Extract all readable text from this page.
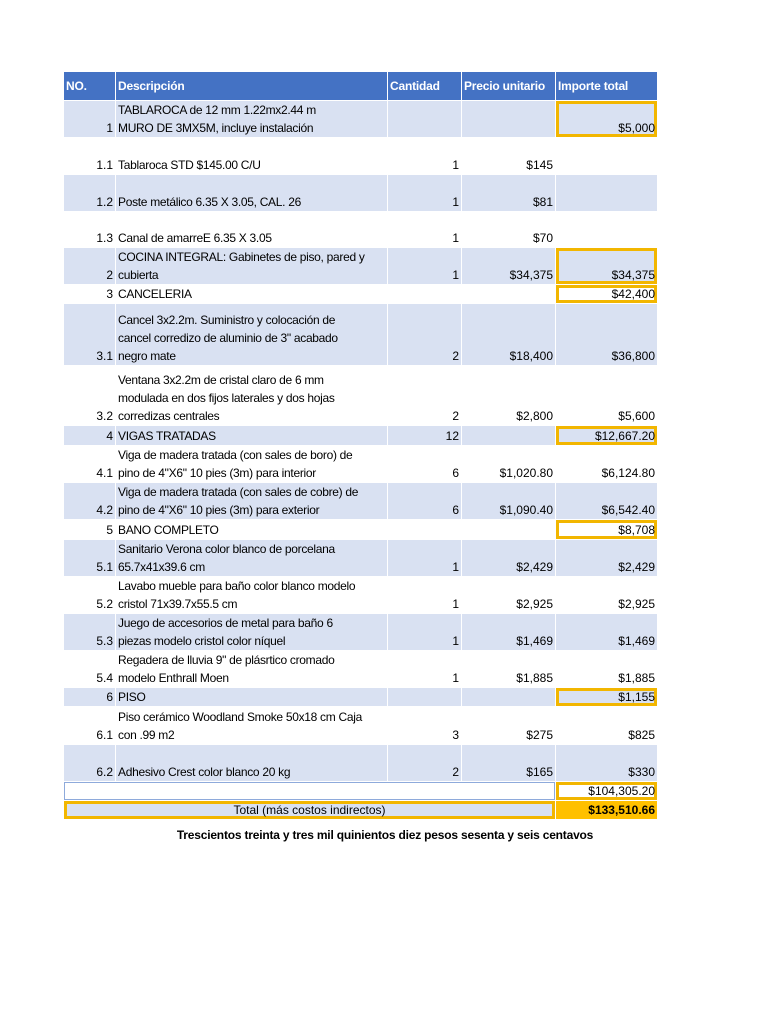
NO.	Descripción	Cantidad	Precio unitario	Importe total
1	TABLAROCA de 12 mm 1.22mx2.44 m
MURO DE 3MX5M, incluye instalación			$5,000
1.1	Tablaroca STD $145.00 C/U	1	$145	
1.2	Poste metálico 6.35 X 3.05, CAL. 26	1	$81	
1.3	Canal de amarreE 6.35 X 3.05	1	$70	
2	COCINA INTEGRAL: Gabinetes de piso, pared y
cubierta	1	$34,375	$34,375
3	CANCELERIA			$42,400
3.1	Cancel 3x2.2m. Suministro y colocación de
cancel corredizo de aluminio de 3" acabado
negro mate	2	$18,400	$36,800
3.2	Ventana 3x2.2m de cristal claro de 6 mm
modulada en dos fijos laterales y dos hojas
corredizas centrales	2	$2,800	$5,600
4	VIGAS TRATADAS	12		$12,667.20
4.1	Viga de madera tratada (con sales de boro) de
pino de 4"X6" 10 pies (3m) para interior	6	$1,020.80	$6,124.80
4.2	Viga de madera tratada (con sales de cobre) de
pino de 4"X6" 10 pies (3m) para exterior	6	$1,090.40	$6,542.40
5	BANO COMPLETO			$8,708
5.1	Sanitario Verona color blanco de porcelana
65.7x41x39.6 cm	1	$2,429	$2,429
5.2	Lavabo mueble para baño color blanco modelo
cristol 71x39.7x55.5 cm	1	$2,925	$2,925
5.3	Juego de accesorios de metal para baño 6
piezas modelo cristol color níquel	1	$1,469	$1,469
5.4	Regadera de lluvia 9" de plásrtico cromado
modelo Enthrall Moen	1	$1,885	$1,885
6	PISO			$1,155
6.1	Piso cerámico Woodland Smoke 50x18 cm Caja
con .99 m2	3	$275	$825
6.2	Adhesivo Crest color blanco 20 kg	2	$165	$330
				$104,305.20
Total (más costos indirectos)				$133,510.66
Trescientos treinta y tres mil quinientos diez pesos sesenta y seis centavos
